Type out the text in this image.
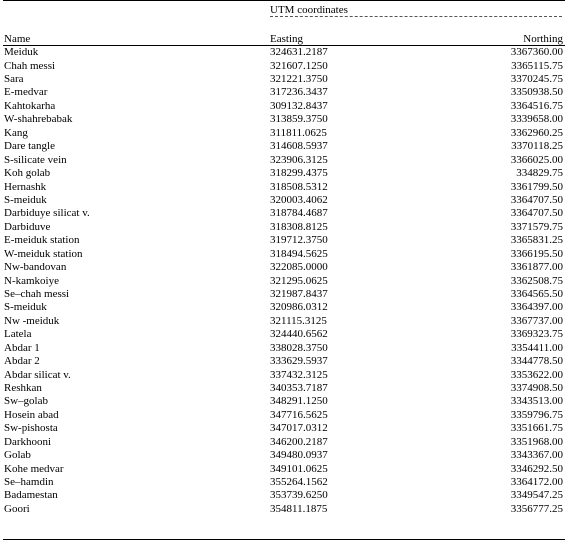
UTM coordinates
Name	Easting	Northing
Meiduk	324631.2187	3367360.00
Chah messi	321607.1250	3365115.75
Sara	321221.3750	3370245.75
E-medvar	317236.3437	3350938.50
Kahtokarha	309132.8437	3364516.75
W-shahrebabak	313859.3750	3339658.00
Kang	311811.0625	3362960.25
Dare tangle	314608.5937	3370118.25
S-silicate vein	323906.3125	3366025.00
Koh golab	318299.4375	334829.75
Hernashk	318508.5312	3361799.50
S-meiduk	320003.4062	3364707.50
Darbiduye silicat v.	318784.4687	3364707.50
Darbiduve	318308.8125	3371579.75
E-meiduk station	319712.3750	3365831.25
W-meiduk station	318494.5625	3366195.50
Nw-bandovan	322085.0000	3361877.00
N-kamkoiye	321295.0625	3362508.75
Se–chah messi	321987.8437	3364565.50
S-meiduk	320986.0312	3364397.00
Nw -meiduk	321115.3125	3367737.00
Latela	324440.6562	3369323.75
Abdar 1	338028.3750	3354411.00
Abdar 2	333629.5937	3344778.50
Abdar silicat v.	337432.3125	3353622.00
Reshkan	340353.7187	3374908.50
Sw–golab	348291.1250	3343513.00
Hosein abad	347716.5625	3359796.75
Sw-pishosta	347017.0312	3351661.75
Darkhooni	346200.2187	3351968.00
Golab	349480.0937	3343367.00
Kohe medvar	349101.0625	3346292.50
Se–hamdin	355264.1562	3364172.00
Badamestan	353739.6250	3349547.25
Goori	354811.1875	3356777.25
